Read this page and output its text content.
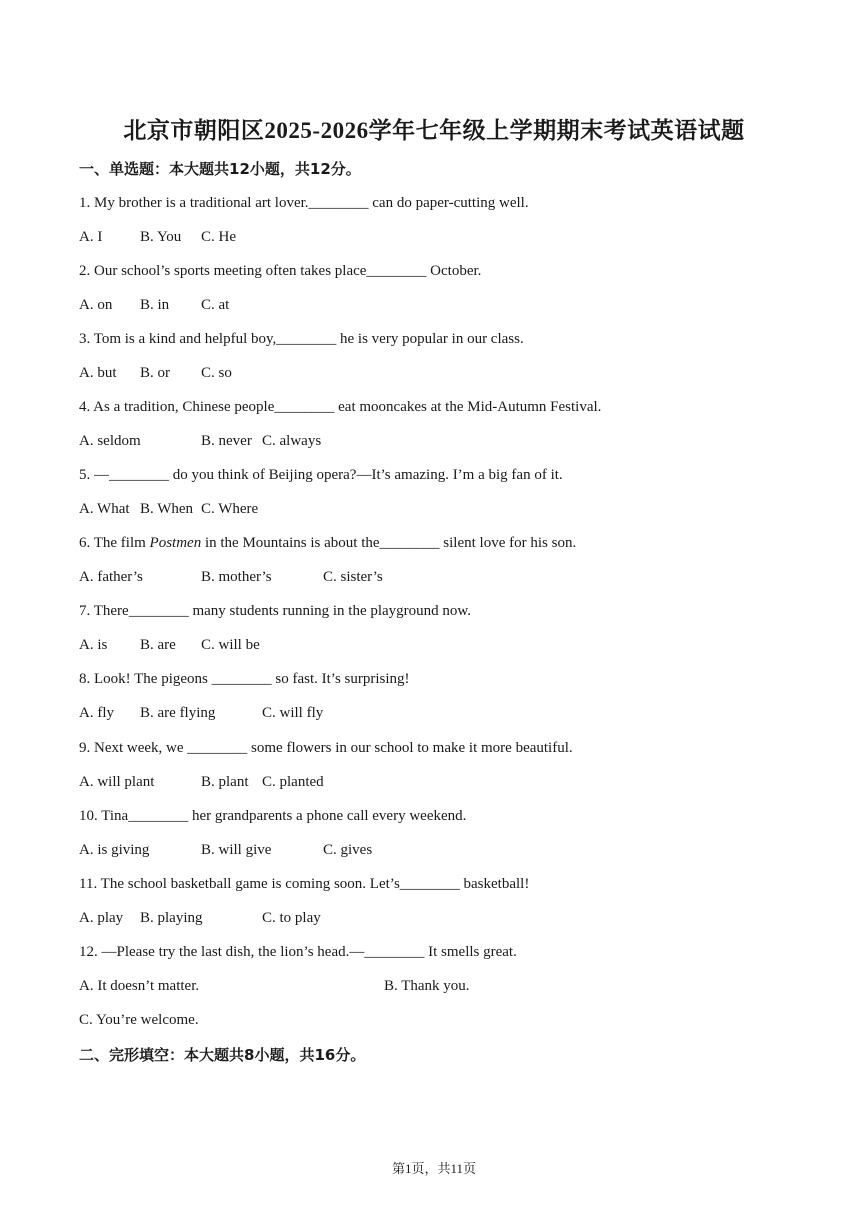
北京市朝阳区2025-2026学年七年级上学期期末考试英语试题
一、单选题：本大题共12小题，共12分。
1. My brother is a traditional art lover.________ can do paper-cutting well.
A. I	B. You C. He
2. Our school’s sports meeting often takes place________ October.
A. on B. in C. at
3. Tom is a kind and helpful boy,________ he is very popular in our class.
A. but B. or C. so
4. As a tradition, Chinese people________ eat mooncakes at the Mid-Autumn Festival.
A. seldom	B. never C. always
5. —________ do you think of Beijing opera?—It’s amazing. I’m a big fan of it.
A. What B. When C. Where
6. The film Postmen in the Mountains is about the________ silent love for his son.
A. father’s	B. mother’s	C. sister’s
7. There________ many students running in the playground now.
A. is B. are C. will be
8. Look! The pigeons ________ so fast. It’s surprising!
A. fly B. are flying	C. will fly
9. Next week, we ________ some flowers in our school to make it more beautiful.
A. will plant	B. plant C. planted
10. Tina________ her grandparents a phone call every weekend.
A. is giving	B. will give	C. gives
11. The school basketball game is coming soon. Let’s________ basketball!
A. play B. playing	C. to play
12. —Please try the last dish, the lion’s head.—________ It smells great.
A. It doesn’t matter.	B. Thank you.
C. You’re welcome.
二、完形填空：本大题共8小题，共16分。
第1页，共11页
